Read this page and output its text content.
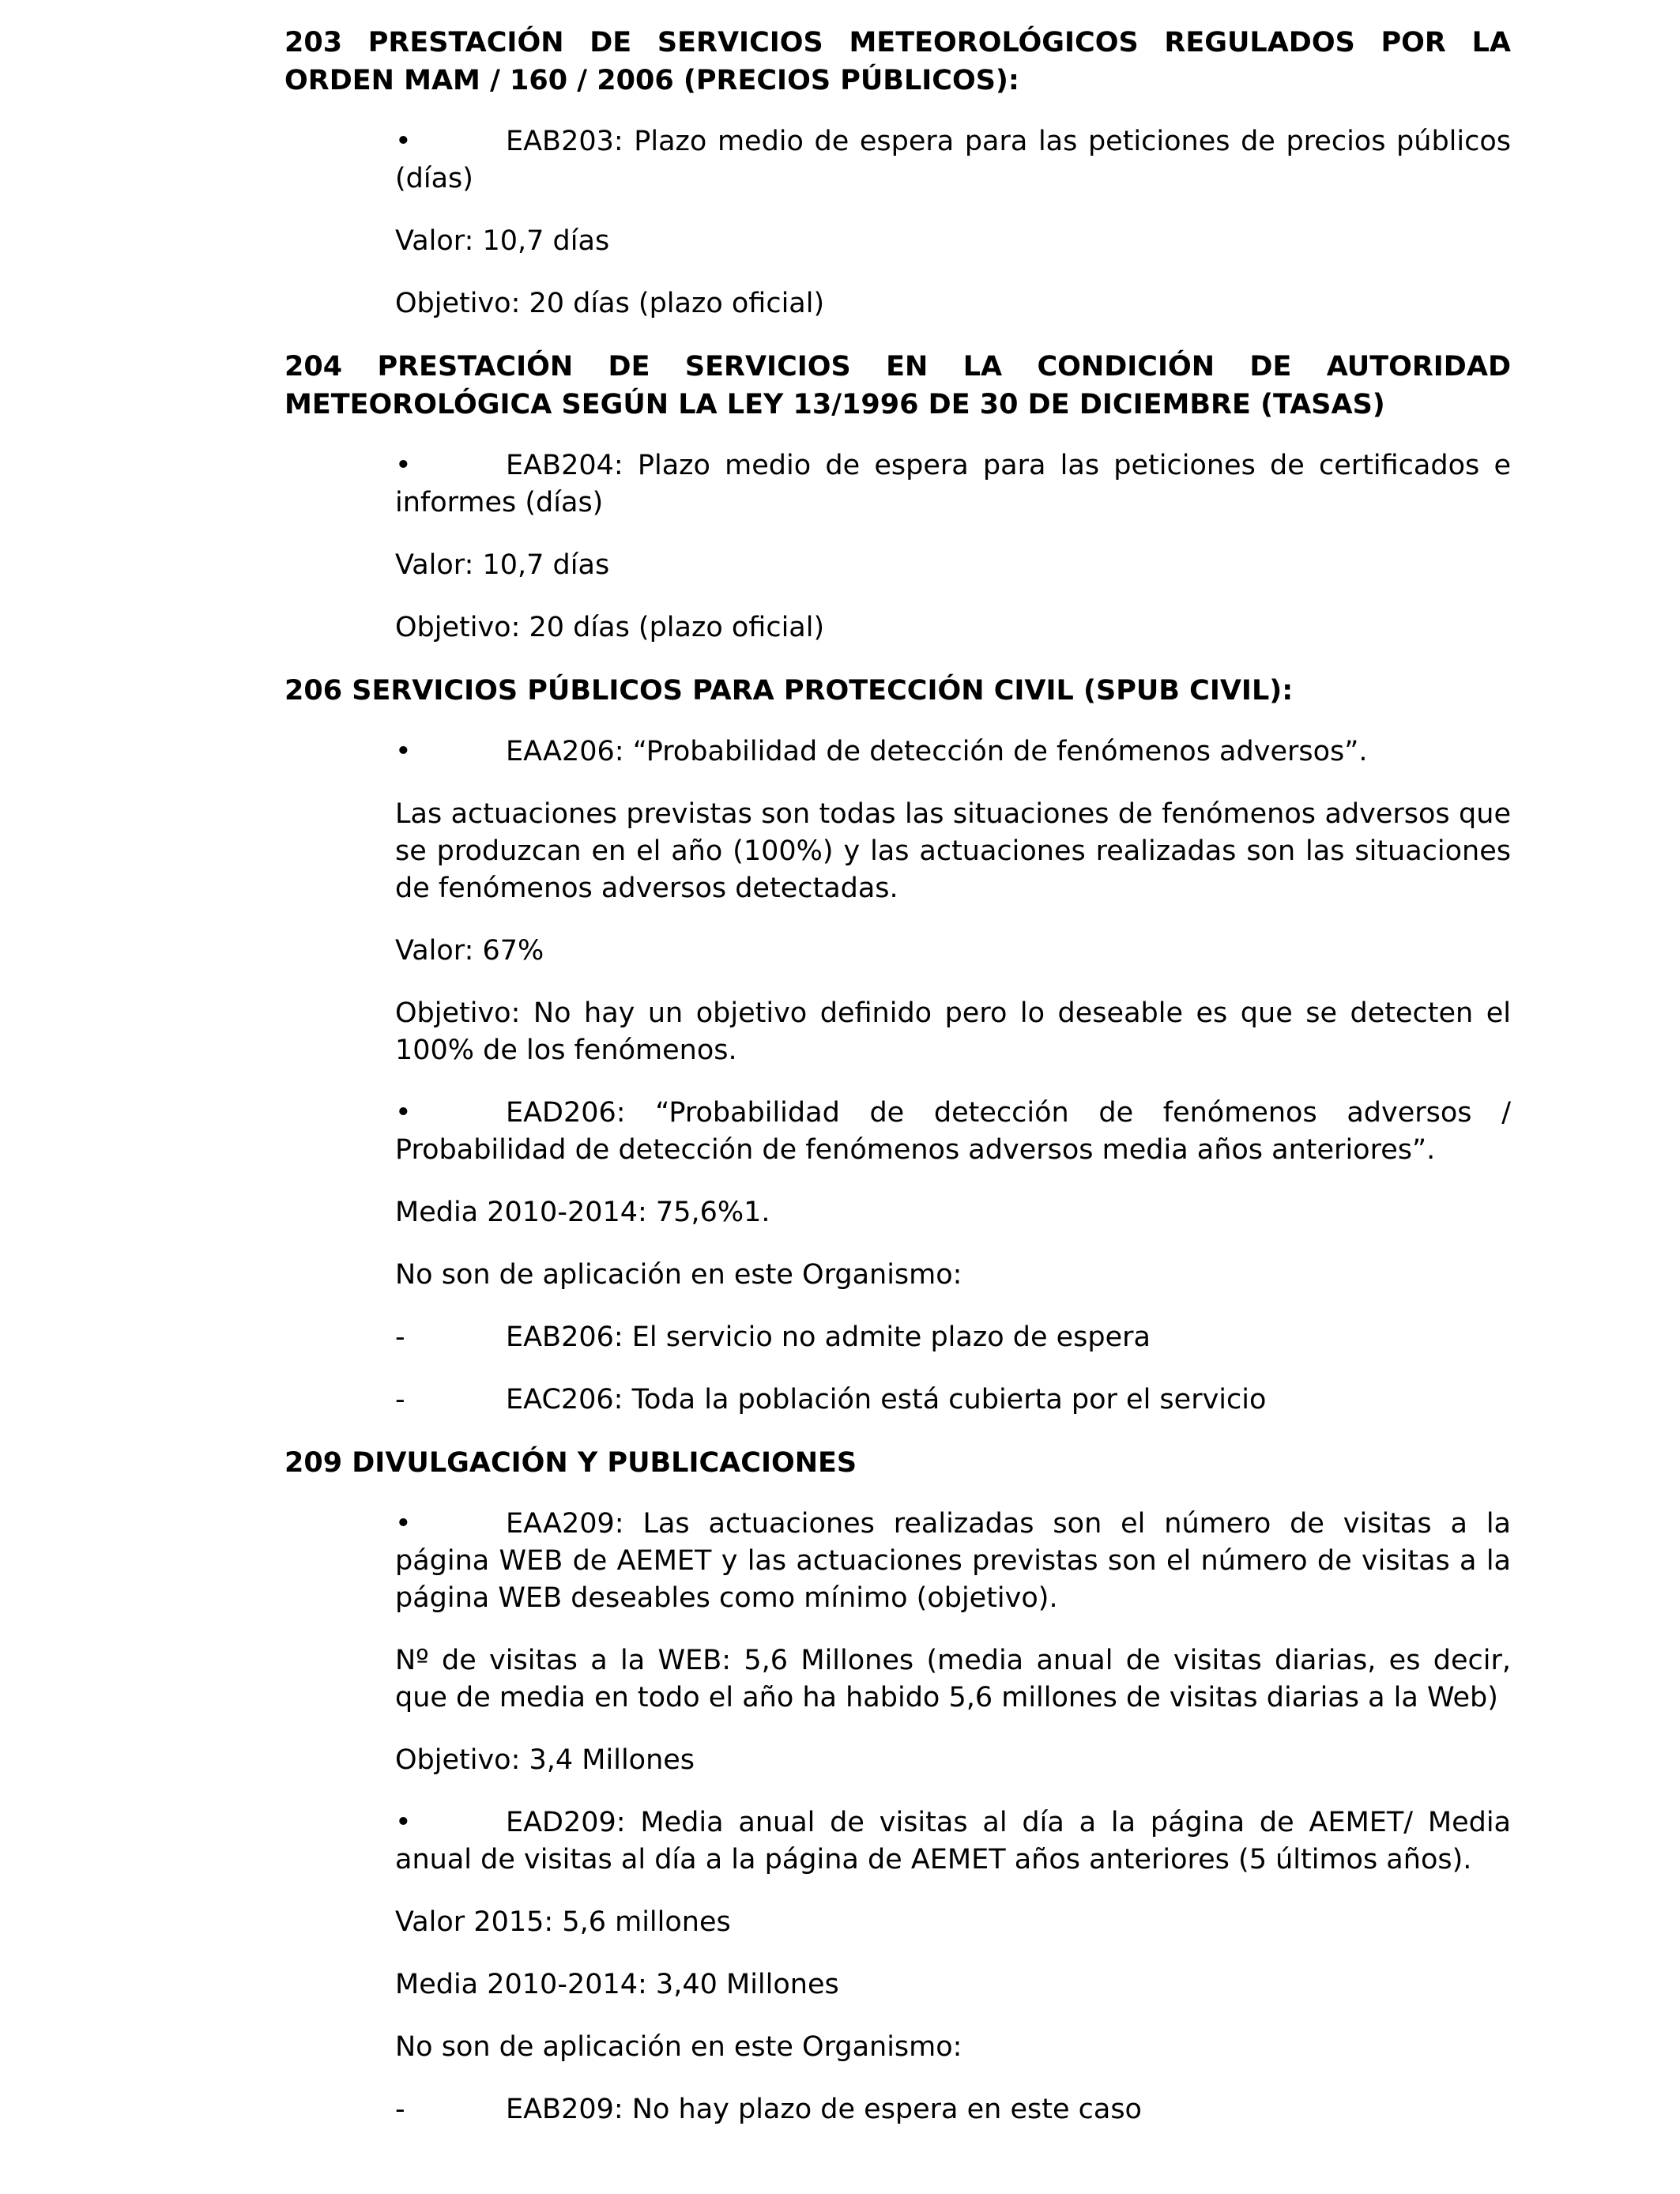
203 PRESTACIÓN DE SERVICIOS METEOROLÓGICOS REGULADOS POR LA ORDEN MAM / 160 / 2006 (PRECIOS PÚBLICOS):
•	EAB203: Plazo medio de espera para las peticiones de precios públicos (días)
Valor: 10,7 días
Objetivo: 20 días (plazo oficial)
204 PRESTACIÓN DE SERVICIOS EN LA CONDICIÓN DE AUTORIDAD METEOROLÓGICA SEGÚN LA LEY 13/1996 DE 30 DE DICIEMBRE (TASAS)
•	EAB204: Plazo medio de espera para las peticiones de certificados e informes (días)
Valor: 10,7 días
Objetivo: 20 días (plazo oficial)
206 SERVICIOS PÚBLICOS PARA PROTECCIÓN CIVIL (SPUB CIVIL):
•	EAA206: “Probabilidad de detección de fenómenos adversos”.
Las actuaciones previstas son todas las situaciones de fenómenos adversos que se produzcan en el año (100%) y las actuaciones realizadas son las situaciones de fenómenos adversos detectadas.
Valor: 67%
Objetivo: No hay un objetivo definido pero lo deseable es que se detecten el 100% de los fenómenos.
•	EAD206: “Probabilidad de detección de fenómenos adversos / Probabilidad de detección de fenómenos adversos media años anteriores”.
Media 2010-2014: 75,6%1.
No son de aplicación en este Organismo:
-	EAB206: El servicio no admite plazo de espera
-	EAC206: Toda la población está cubierta por el servicio
209 DIVULGACIÓN Y PUBLICACIONES
•	EAA209: Las actuaciones realizadas son el número de visitas a la página WEB de AEMET y las actuaciones previstas son el número de visitas a la página WEB deseables como mínimo (objetivo).
Nº de visitas a la WEB: 5,6 Millones (media anual de visitas diarias, es decir, que de media en todo el año ha habido 5,6 millones de visitas diarias a la Web)
Objetivo: 3,4 Millones
•	EAD209: Media anual de visitas al día a la página de AEMET/ Media anual de visitas al día a la página de AEMET años anteriores (5 últimos años).
Valor 2015: 5,6 millones
Media 2010-2014: 3,40 Millones
No son de aplicación en este Organismo:
-	EAB209: No hay plazo de espera en este caso
